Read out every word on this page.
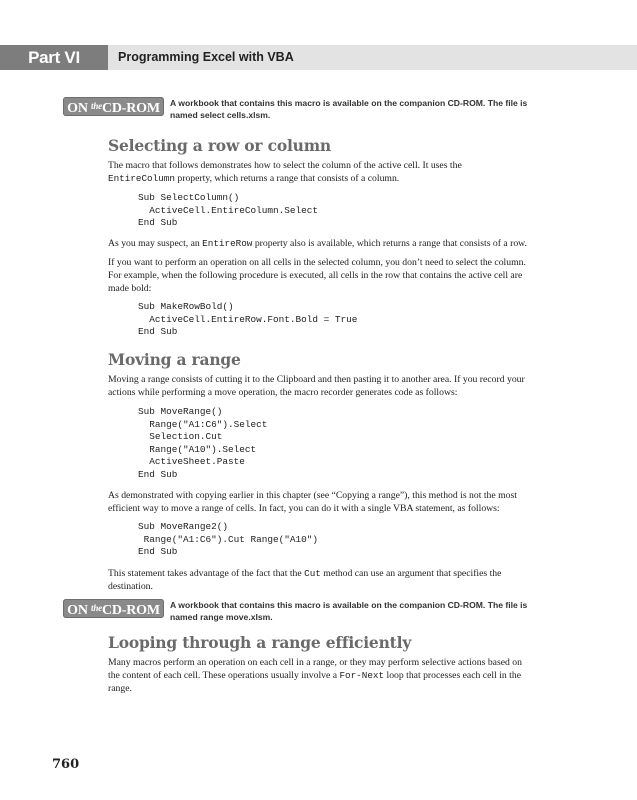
Part VI	Programming Excel with VBA
ON $^{the}$CD-ROM	A workbook that contains this macro is available on the companion CD-ROM. The file is
named select cells.xlsm.
Selecting a row or column
The macro that follows demonstrates how to select the column of the active cell. It uses the
EntireColumn property, which returns a range that consists of a column.
Sub SelectColumn()
ActiveCell.EntireColumn.Select
End Sub
As you may suspect, an EntireRow property also is available, which returns a range that consists of a row.
If you want to perform an operation on all cells in the selected column, you don’t need to select the column.
For example, when the following procedure is executed, all cells in the row that contains the active cell are
made bold:
Sub MakeRowBold()
ActiveCell.EntireRow.Font.Bold = True
End Sub
Moving a range
Moving a range consists of cutting it to the Clipboard and then pasting it to another area. If you record your
actions while performing a move operation, the macro recorder generates code as follows:
Sub MoveRange()
Range("A1:C6").Select
Selection.Cut
Range("A10").Select
ActiveSheet.Paste
End Sub
As demonstrated with copying earlier in this chapter (see “Copying a range”), this method is not the most
efficient way to move a range of cells. In fact, you can do it with a single VBA statement, as follows:
Sub MoveRange2()
Range("A1:C6").Cut Range("A10")
End Sub
This statement takes advantage of the fact that the Cut method can use an argument that specifies the
destination.
ON $^{the}$CD-ROM	A workbook that contains this macro is available on the companion CD-ROM. The file is
named range move.xlsm.
Looping through a range efficiently
Many macros perform an operation on each cell in a range, or they may perform selective actions based on
the content of each cell. These operations usually involve a For-Next loop that processes each cell in the
range.
760
